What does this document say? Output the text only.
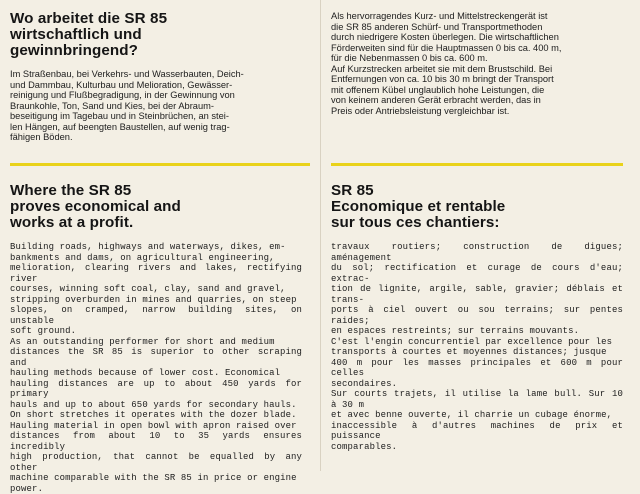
Wo arbeitet die SR 85
wirtschaftlich und
gewinnbringend?

Im Straßenbau, bei Verkehrs- und Wasserbauten, Deich-
und Dammbau, Kulturbau und Melioration, Gewässer-
reinigung und Flußbegradigung, in der Gewinnung von
Braunkohle, Ton, Sand und Kies, bei der Abraum-
beseitigung im Tagebau und in Steinbrüchen, an stei-
len Hängen, auf beengten Baustellen, auf wenig trag-
fähigen Böden.

Als hervorragendes Kurz- und Mittelstreckengerät ist
die SR 85 anderen Schürf- und Transportmethoden
durch niedrigere Kosten überlegen. Die wirtschaftlichen
Förderweiten sind für die Hauptmassen 0 bis ca. 400 m,
für die Nebenmassen 0 bis ca. 600 m.
Auf Kurzstrecken arbeitet sie mit dem Brustschild. Bei
Entfernungen von ca. 10 bis 30 m bringt der Transport
mit offenem Kübel unglaublich hohe Leistungen, die
von keinem anderen Gerät erbracht werden, das in
Preis oder Antriebsleistung vergleichbar ist.

Where the SR 85
proves economical and
works at a profit.

Building roads, highways and waterways, dikes, em-
bankments and dams, on agricultural engineering,
melioration, clearing rivers and lakes, rectifying river
courses, winning soft coal, clay, sand and gravel,
stripping overburden in mines and quarries, on steep
slopes, on cramped, narrow building sites, on unstable
soft ground.
As an outstanding performer for short and medium
distances the SR 85 is superior to other scraping and
hauling methods because of lower cost. Economical
hauling distances are up to about 450 yards for primary
hauls and up to about 650 yards for secondary hauls.
On short stretches it operates with the dozer blade.
Hauling material in open bowl with apron raised over
distances from about 10 to 35 yards ensures incredibly
high production, that cannot be equalled by any other
machine comparable with the SR 85 in price or engine
power.

SR 85
Economique et rentable
sur tous ces chantiers:

travaux routiers; construction de digues; aménagement
du sol; rectification et curage de cours d'eau; extrac-
tion de lignite, argile, sable, gravier; déblais et trans-
ports à ciel ouvert ou sou terrains; sur pentes raides;
en espaces restreints; sur terrains mouvants.
C'est l'engin concurrentiel par excellence pour les
transports à courtes et moyennes distances; jusque
400 m pour les masses principales et 600 m pour celles
secondaires.
Sur courts trajets, il utilise la lame bull. Sur 10 à 30 m
et avec benne ouverte, il charrie un cubage énorme,
inaccessible à d'autres machines de prix et puissance
comparables.
